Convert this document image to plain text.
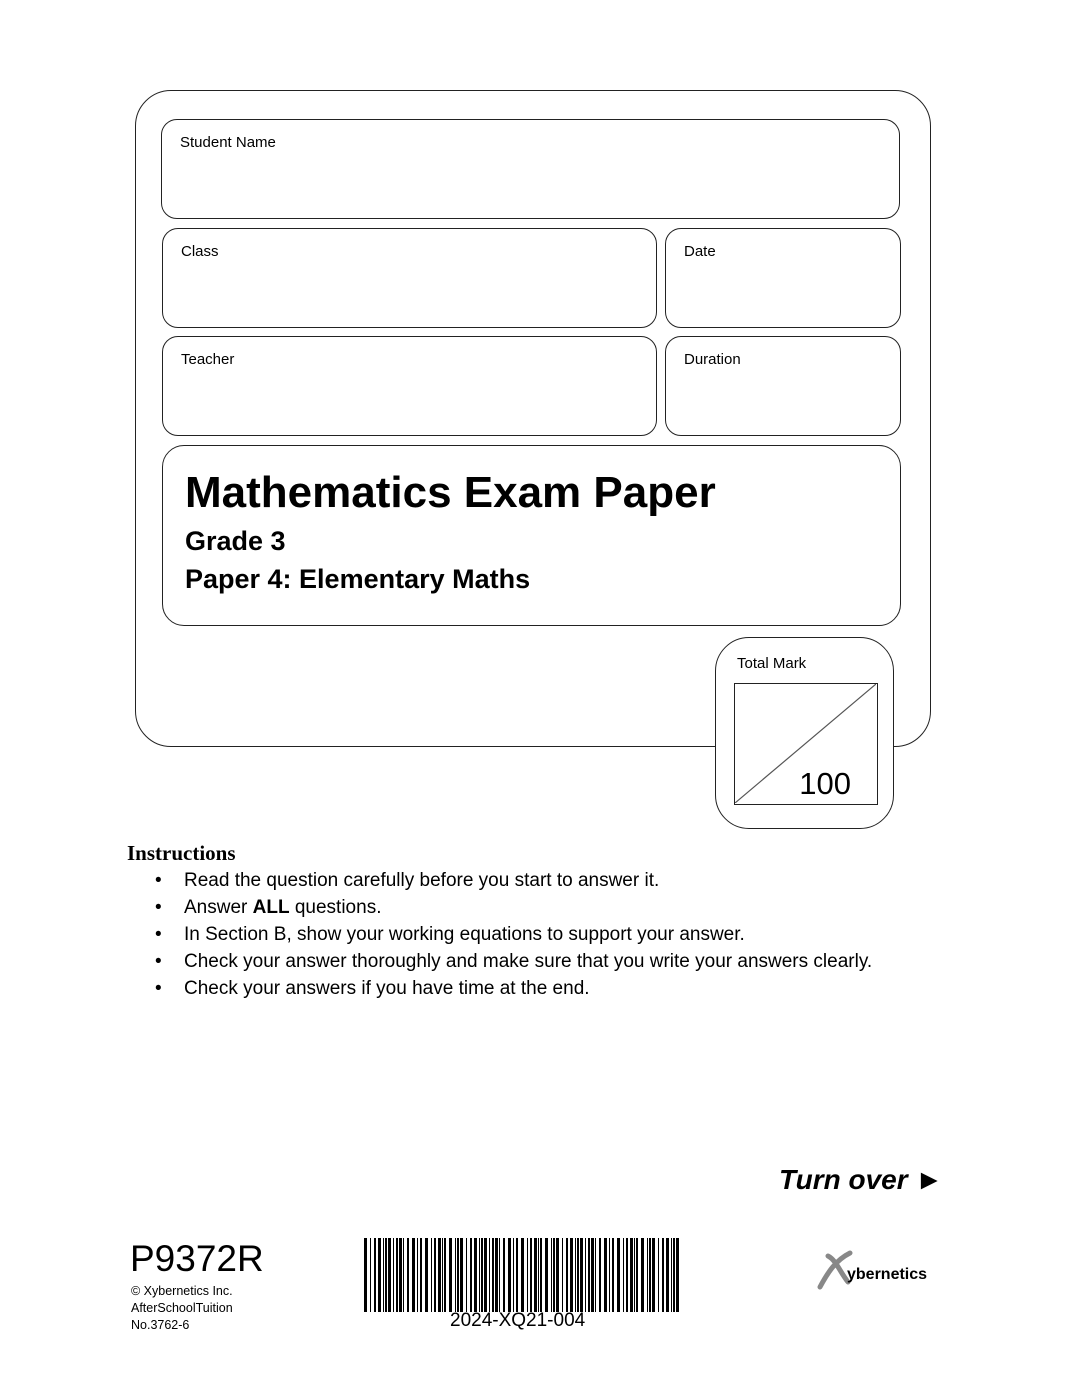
Student Name
Class	Date
Teacher	Duration
Mathematics Exam Paper
Grade 3
Paper 4: Elementary Maths
Total Mark
100
Instructions
• Read the question carefully before you start to answer it.
• Answer ALL questions.
• In Section B, show your working equations to support your answer.
• Check your answer thoroughly and make sure that you write your answers clearly.
• Check your answers if you have time at the end.
Turn over ►
P9372R
© Xybernetics Inc.
AfterSchoolTuition
No.3762-6	2024-XQ21-004
ybernetics
